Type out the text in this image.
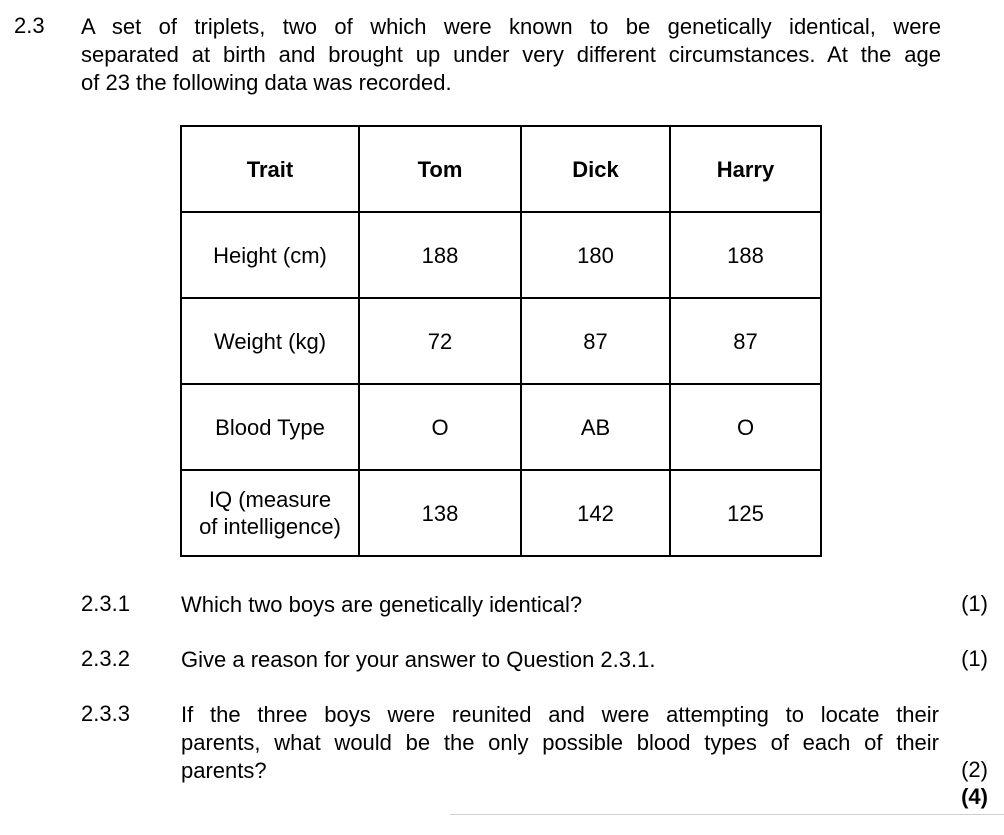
2.3 A set of triplets, two of which were known to be genetically identical, were
separated at birth and brought up under very different circumstances. At the age
of 23 the following data was recorded.
Trait	Tom	Dick	Harry
Height (cm)	188	180	188
Weight (kg)	72	87	87
Blood Type	O	AB	O

IQ (measure
of intelligence)	138	142	125
2.3.1 Which two boys are genetically identical?	(1)
2.3.2 Give a reason for your answer to Question 2.3.1.	(1)
2.3.3 If the three boys were reunited and were attempting to locate their
parents, what would be the only possible blood types of each of their
parents?	(2)
(4)
